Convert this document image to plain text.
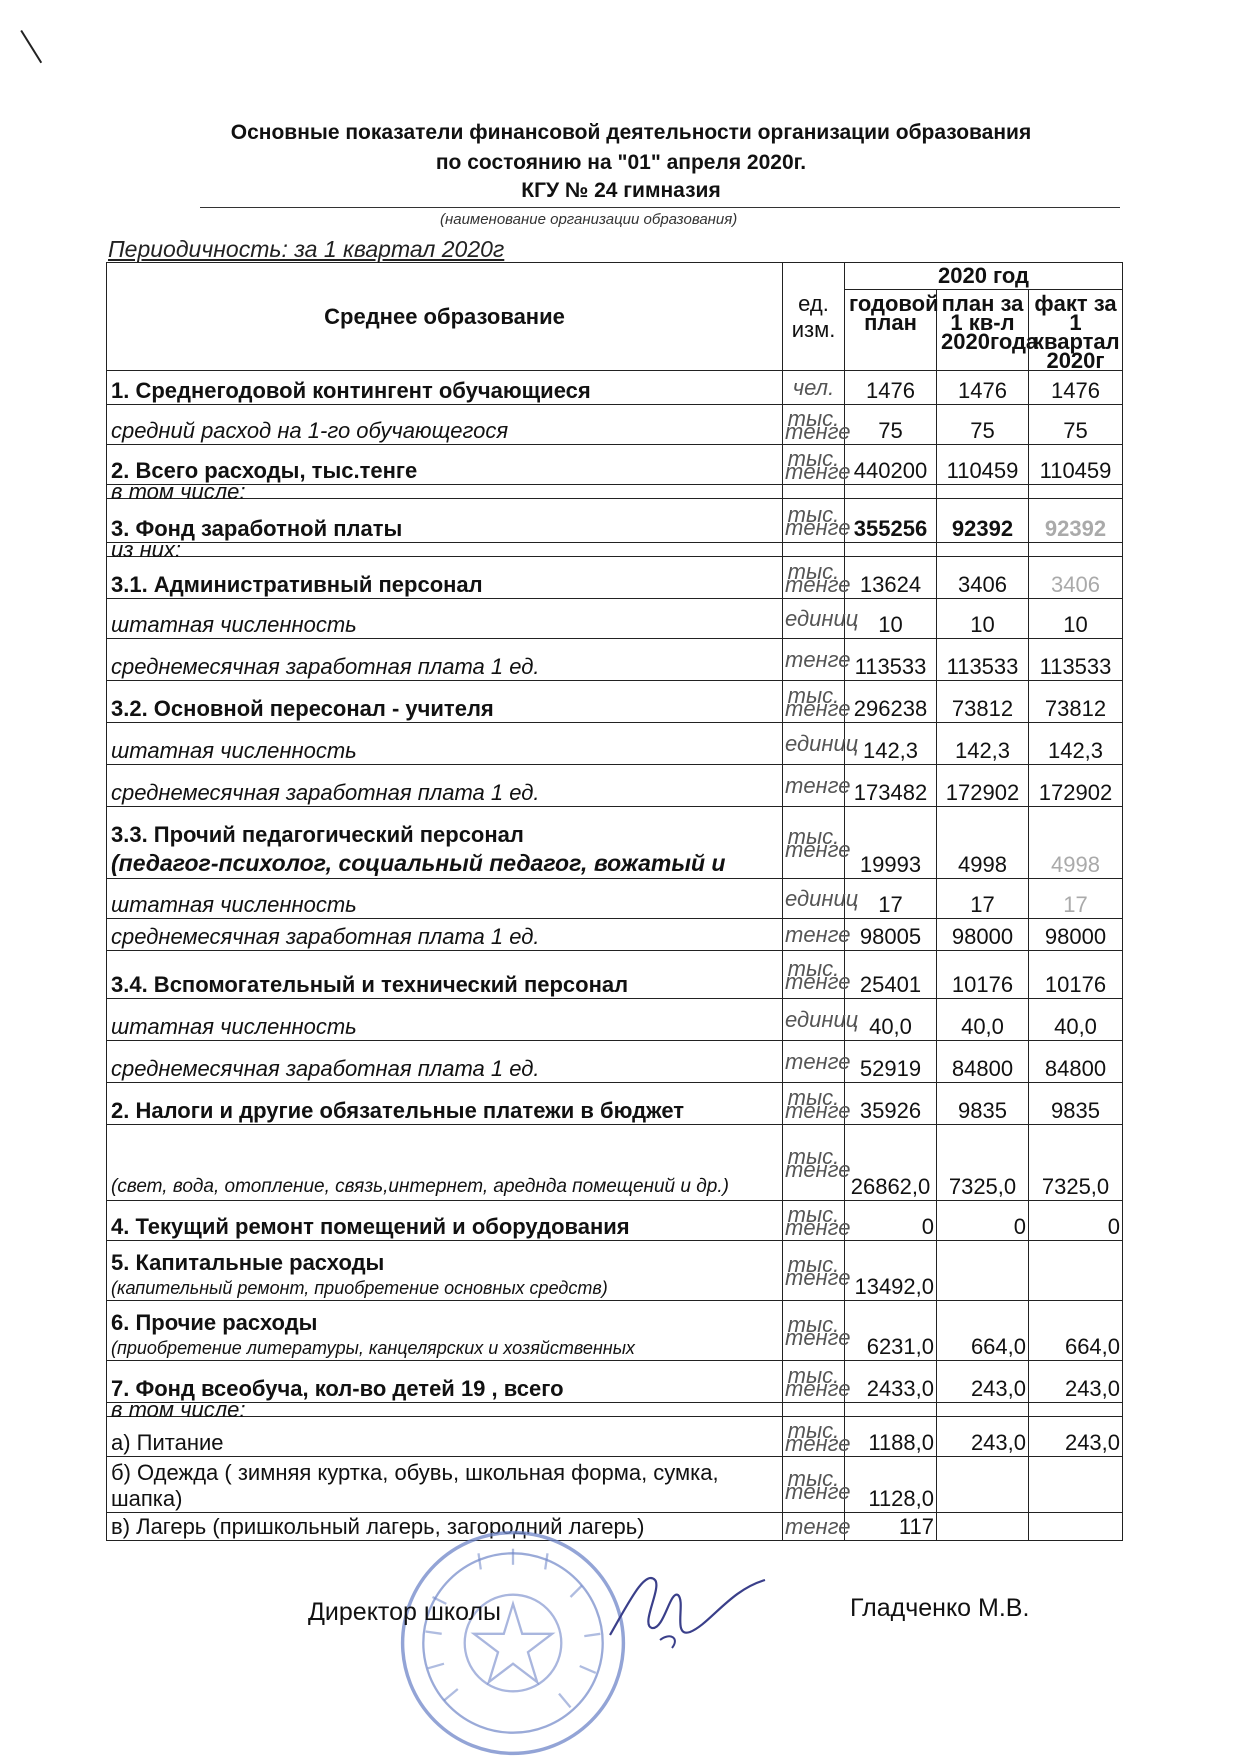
Основные показатели финансовой деятельности организации образования
по состоянию на "01" апреля 2020г.
КГУ № 24 гимназия
(наименование организации образования)
Периодичность: за 1 квартал 2020г
Среднее образование	ед. изм.	2020 год		
		годовой план	план за 1 кв-л 2020года	факт за 1 квартал 2020г
1. Среднегодовой контингент обучающиеся	чел.	1476	1476	1476
средний расход на 1-го обучающегося	тыс. тенге	75	75	75
2. Всего расходы, тыс.тенге	тыс. тенге	440200	110459	110459
в том числе:				
3. Фонд заработной платы	тыс. тенге	355256	92392	92392
из них:				
3.1. Административный персонал	тыс. тенге	13624	3406	3406
штатная численность	единиц	10	10	10
среднемесячная заработная плата 1 ед.	тенге	113533	113533	113533
3.2. Основной пересонал - учителя	тыс. тенге	296238	73812	73812
штатная численность	единиц	142,3	142,3	142,3
среднемесячная заработная плата 1 ед.	тенге	173482	172902	172902

3.3. Прочий педагогический персонал
(педагог-психолог, социальный педагог, вожатый и	тыс. тенге	19993	4998	4998
штатная численность	единиц	17	17	17
среднемесячная заработная плата 1 ед.	тенге	98005	98000	98000
3.4. Вспомогательный и технический персонал	тыс. тенге	25401	10176	10176
штатная численность	единиц	40,0	40,0	40,0
среднемесячная заработная плата 1 ед.	тенге	52919	84800	84800
2. Налоги и другие обязательные платежи в бюджет	тыс. тенге	35926	9835	9835
(свет, вода, отопление, связь,интернет, ареднда помещений и др.)	тыс. тенге	26862,0	7325,0	7325,0
4. Текущий ремонт помещений и оборудования	тыс. тенге	0	0	0

5. Капитальные расходы
(капительный ремонт, приобретение основных средств)	тыс. тенге	13492,0		

6. Прочие расходы
(приобретение литературы, канцелярских и хозяйственных	тыс. тенге	6231,0	664,0	664,0
7. Фонд всеобуча, кол-во детей 19 , всего	тыс. тенге	2433,0	243,0	243,0
в том числе:				
а) Питание	тыс. тенге	1188,0	243,0	243,0
б) Одежда ( зимняя куртка, обувь, школьная форма, сумка, шапка)	тыс. тенге	1128,0		
в) Лагерь (пришкольный лагерь, загородний лагерь)	тенге	117		
Директор школы	Гладченко М.В.
